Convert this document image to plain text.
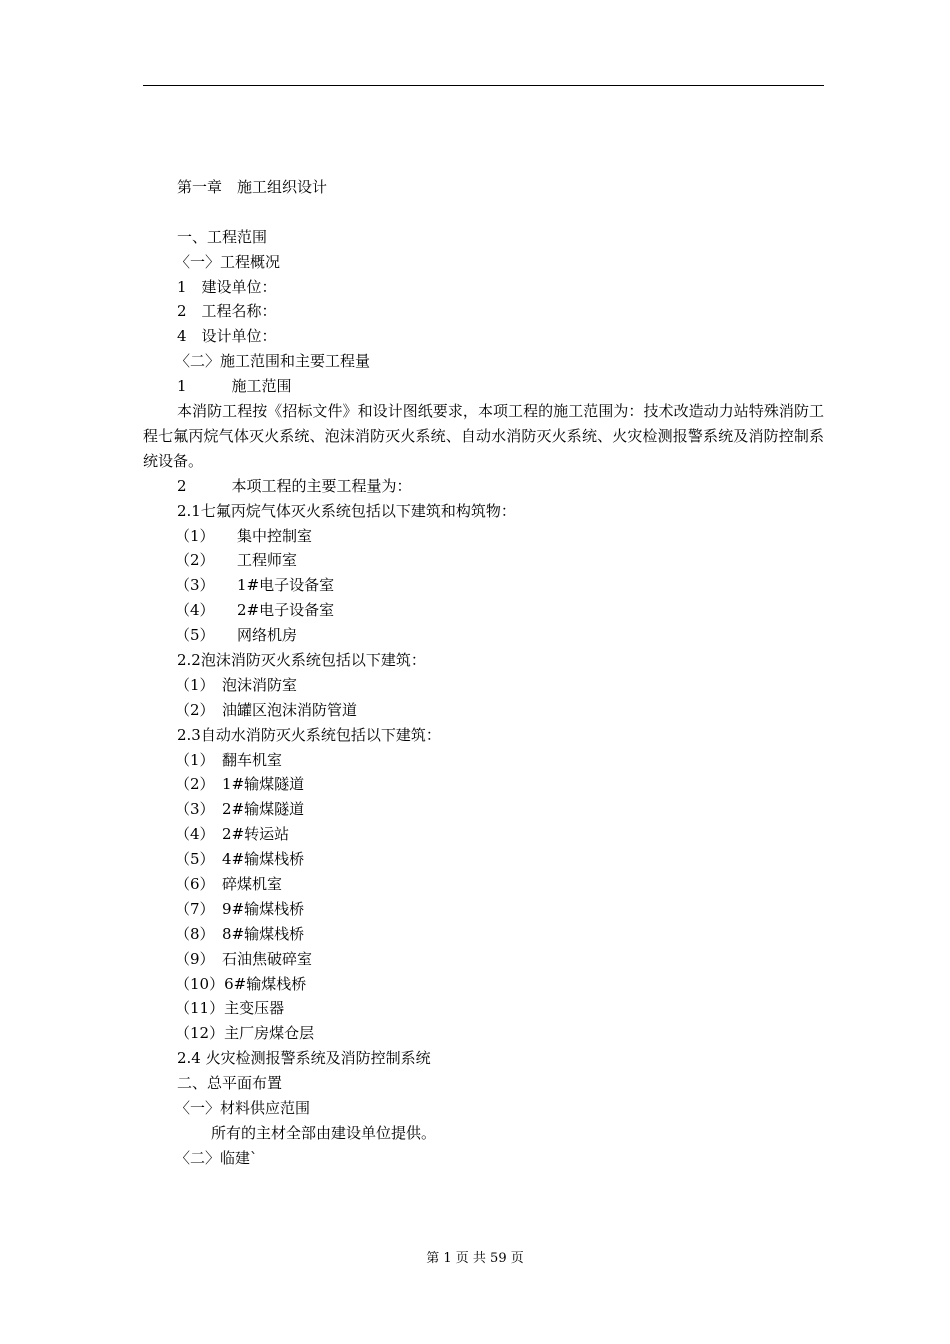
第一章　施工组织设计
一、工程范围
〈一〉工程概况
1　建设单位：
2　工程名称：
4　设计单位：
〈二〉施工范围和主要工程量
1　　　施工范围
本消防工程按《招标文件》和设计图纸要求，本项工程的施工范围为：技术改造动力站特殊消防工程七氟丙烷气体灭火系统、泡沫消防灭火系统、自动水消防灭火系统、火灾检测报警系统及消防控制系统设备。
2　　　本项工程的主要工程量为：
2.1七氟丙烷气体灭火系统包括以下建筑和构筑物：
（1）　　集中控制室
（2）　　工程师室
（3）　　1#电子设备室
（4）　　2#电子设备室
（5）　　网络机房
2.2泡沫消防灭火系统包括以下建筑：
（1）　泡沫消防室
（2）　油罐区泡沫消防管道
2.3自动水消防灭火系统包括以下建筑：
（1）　翻车机室
（2）　1#输煤隧道
（3）　2#输煤隧道
（4）　2#转运站
（5）　4#输煤栈桥
（6）　碎煤机室
（7）　9#输煤栈桥
（8）　8#输煤栈桥
（9）　石油焦破碎室
（10）6#输煤栈桥
（11）主变压器
（12）主厂房煤仓层
2.4 火灾检测报警系统及消防控制系统
二、总平面布置
〈一〉材料供应范围
所有的主材全部由建设单位提供。
〈二〉临建`
第 1 页 共 59 页
